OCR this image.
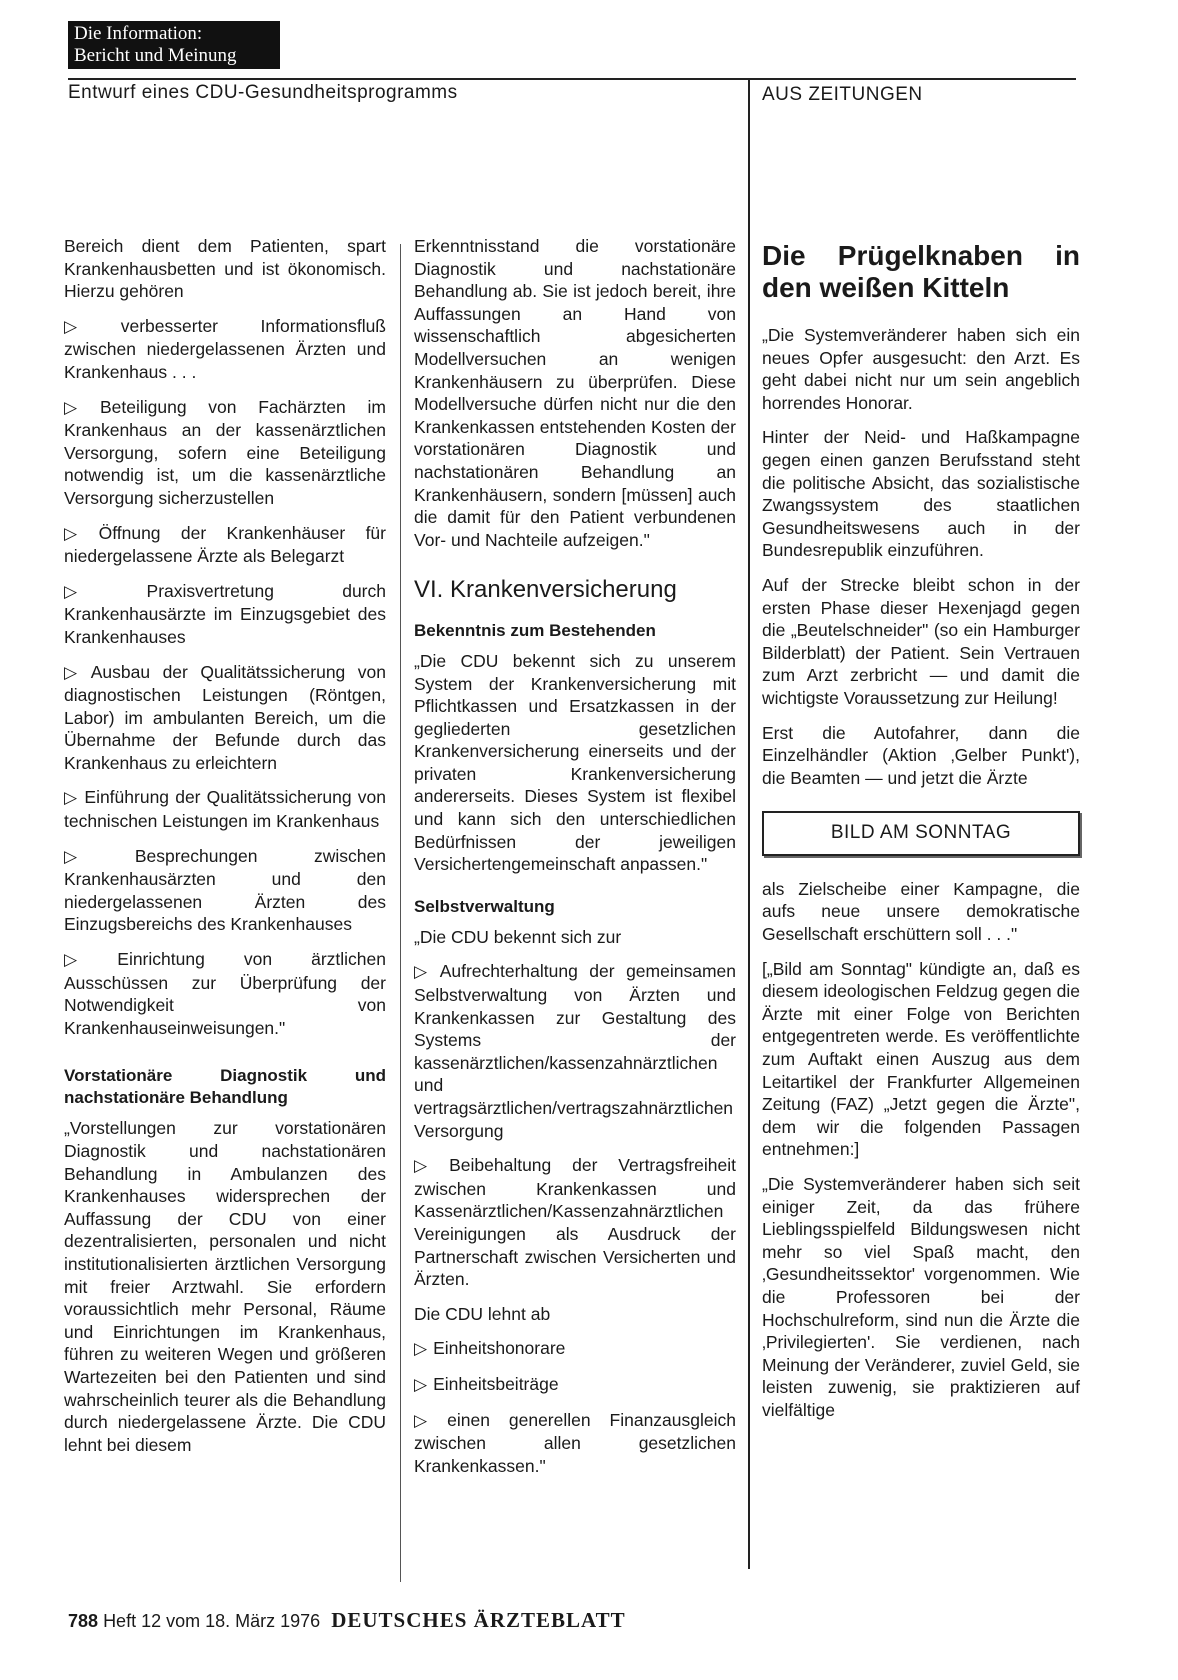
Die Information:
Bericht und Meinung
Entwurf eines CDU-Gesundheitsprogramms	AUS ZEITUNGEN

Bereich dient dem Patienten, spart Krankenhausbetten und ist ökonomisch. Hierzu gehören

▷ verbesserter Informationsfluß zwischen niedergelassenen Ärzten und Krankenhaus . . .

▷ Beteiligung von Fachärzten im Krankenhaus an der kassenärztlichen Versorgung, sofern eine Beteiligung notwendig ist, um die kassenärztliche Versorgung sicherzustellen

▷ Öffnung der Krankenhäuser für niedergelassene Ärzte als Belegarzt

▷ Praxisvertretung durch Krankenhausärzte im Einzugsgebiet des Krankenhauses

▷ Ausbau der Qualitätssicherung von diagnostischen Leistungen (Röntgen, Labor) im ambulanten Bereich, um die Übernahme der Befunde durch das Krankenhaus zu erleichtern

▷ Einführung der Qualitätssicherung von technischen Leistungen im Krankenhaus

▷ Besprechungen zwischen Krankenhausärzten und den niedergelassenen Ärzten des Einzugsbereichs des Krankenhauses

▷ Einrichtung von ärztlichen Ausschüssen zur Überprüfung der Notwendigkeit von Krankenhauseinweisungen."

Vorstationäre Diagnostik und nachstationäre Behandlung

„Vorstellungen zur vorstationären Diagnostik und nachstationären Behandlung in Ambulanzen des Krankenhauses widersprechen der Auffassung der CDU von einer dezentralisierten, personalen und nicht institutionalisierten ärztlichen Versorgung mit freier Arztwahl. Sie erfordern voraussichtlich mehr Personal, Räume und Einrichtungen im Krankenhaus, führen zu weiteren Wegen und größeren Wartezeiten bei den Patienten und sind wahrscheinlich teurer als die Behandlung durch niedergelassene Ärzte. Die CDU lehnt bei diesem

Erkenntnisstand die vorstationäre Diagnostik und nachstationäre Behandlung ab. Sie ist jedoch bereit, ihre Auffassungen an Hand von wissenschaftlich abgesicherten Modellversuchen an wenigen Krankenhäusern zu überprüfen. Diese Modellversuche dürfen nicht nur die den Krankenkassen entstehenden Kosten der vorstationären Diagnostik und nachstationären Behandlung an Krankenhäusern, sondern [müssen] auch die damit für den Patient verbundenen Vor- und Nachteile aufzeigen."

VI. Krankenversicherung
Bekenntnis zum Bestehenden

„Die CDU bekennt sich zu unserem System der Krankenversicherung mit Pflichtkassen und Ersatzkassen in der gegliederten gesetzlichen Krankenversicherung einerseits und der privaten Krankenversicherung andererseits. Dieses System ist flexibel und kann sich den unterschiedlichen Bedürfnissen der jeweiligen Versichertengemeinschaft anpassen."

Selbstverwaltung

„Die CDU bekennt sich zur

▷ Aufrechterhaltung der gemeinsamen Selbstverwaltung von Ärzten und Krankenkassen zur Gestaltung des Systems der kassenärztlichen/kassenzahnärztlichen und vertragsärztlichen/vertragszahnärztlichen Versorgung

▷ Beibehaltung der Vertragsfreiheit zwischen Krankenkassen und Kassenärztlichen/Kassenzahnärztlichen Vereinigungen als Ausdruck der Partnerschaft zwischen Versicherten und Ärzten.

Die CDU lehnt ab

▷ Einheitshonorare

▷ Einheitsbeiträge

▷ einen generellen Finanzausgleich zwischen allen gesetzlichen Krankenkassen."

Die Prügelknaben in den weißen Kitteln

„Die Systemveränderer haben sich ein neues Opfer ausgesucht: den Arzt. Es geht dabei nicht nur um sein angeblich horrendes Honorar.

Hinter der Neid- und Haßkampagne gegen einen ganzen Berufsstand steht die politische Absicht, das sozialistische Zwangssystem des staatlichen Gesundheitswesens auch in der Bundesrepublik einzuführen.

Auf der Strecke bleibt schon in der ersten Phase dieser Hexenjagd gegen die „Beutelschneider" (so ein Hamburger Bilderblatt) der Patient. Sein Vertrauen zum Arzt zerbricht — und damit die wichtigste Voraussetzung zur Heilung!

Erst die Autofahrer, dann die Einzelhändler (Aktion ‚Gelber Punkt'), die Beamten — und jetzt die Ärzte

BILD AM SONNTAG

als Zielscheibe einer Kampagne, die aufs neue unsere demokratische Gesellschaft erschüttern soll . . ."

[„Bild am Sonntag" kündigte an, daß es diesem ideologischen Feldzug gegen die Ärzte mit einer Folge von Berichten entgegentreten werde. Es veröffentlichte zum Auftakt einen Auszug aus dem Leitartikel der Frankfurter Allgemeinen Zeitung (FAZ) „Jetzt gegen die Ärzte", dem wir die folgenden Passagen entnehmen:]

„Die Systemveränderer haben sich seit einiger Zeit, da das frühere Lieblingsspielfeld Bildungswesen nicht mehr so viel Spaß macht, den ‚Gesundheitssektor' vorgenommen. Wie die Professoren bei der Hochschulreform, sind nun die Ärzte die ‚Privilegierten'. Sie verdienen, nach Meinung der Veränderer, zuviel Geld, sie leisten zuwenig, sie praktizieren auf vielfältige

788 Heft 12 vom 18. März 1976 DEUTSCHES ÄRZTEBLATT
